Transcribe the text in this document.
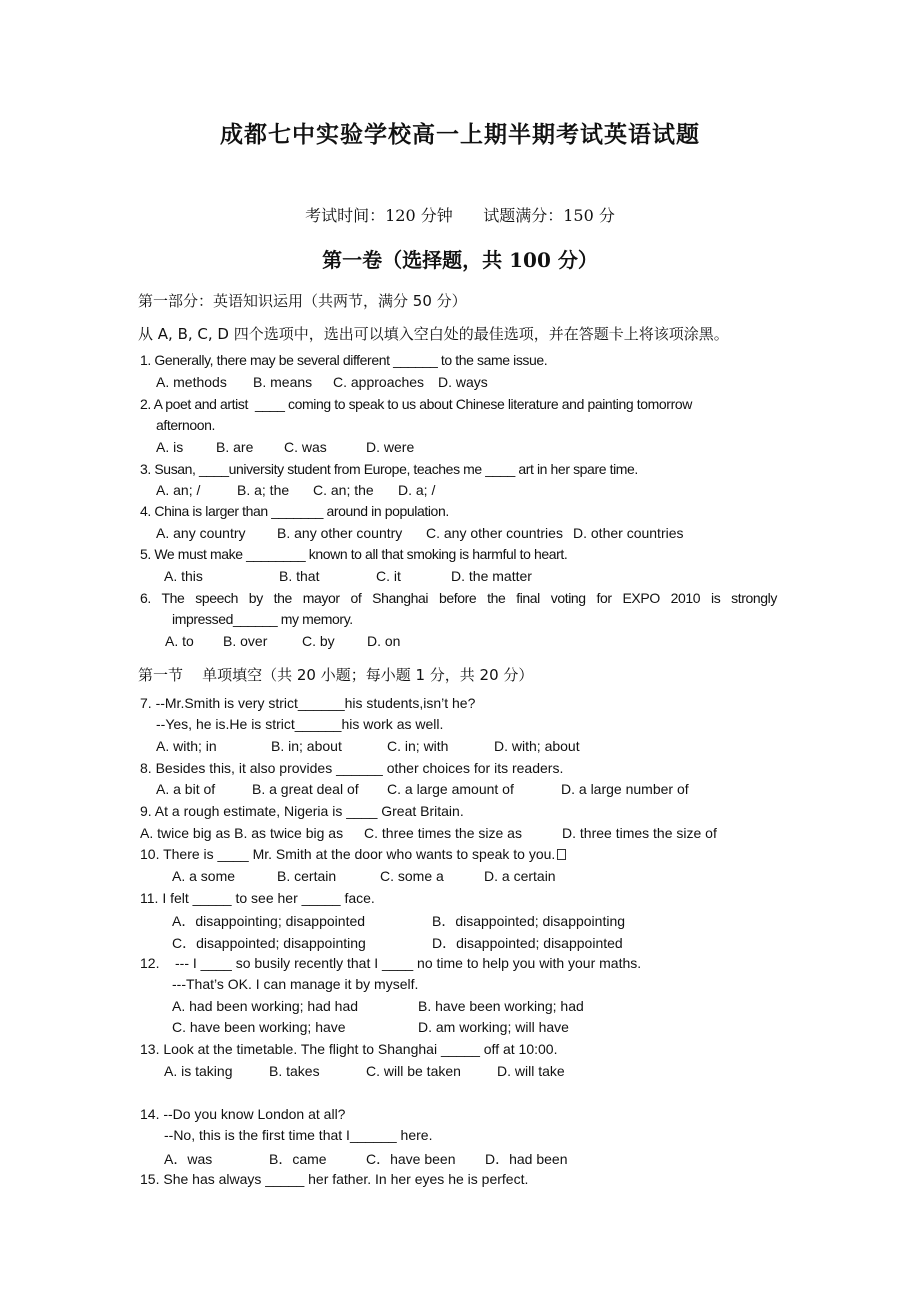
成都七中实验学校高一上期半期考试英语试题
考试时间：120 分钟 试题满分：150 分
第一卷（选择题，共 100 分）
第一部分：英语知识运用（共两节，满分 50 分）
从 A, B, C, D 四个选项中，选出可以填入空白处的最佳选项，并在答题卡上将该项涂黑。
1. Generally, there may be several different ______ to the same issue.
A. methods B. means C. approaches D. ways
2. A poet and artist  ____ coming to speak to us about Chinese literature and painting tomorrow
afternoon.
A. is B. are C. was	D. were
3. Susan, ____university student from Europe, teaches me ____ art in her spare time.
A. an; /	B. a; the C. an; the D. a; /
4. China is larger than _______ around in population.
A. any country B. any other country C. any other countries D. other countries
5. We must make ________ known to all that smoking is harmful to heart.
A. this	B. that	C. it	D. the matter
6. The speech by the mayor of Shanghai before the final voting for EXPO 2010 is strongly
impressed______ my memory.
A. to B. over C. by D. on
第一节    单项填空（共 20 小题；每小题 1 分，共 20 分）
7. --Mr.Smith is very strict______his students,isn’t he?
--Yes, he is.He is strict______his work as well.
A. with; in	B. in; about	C. in; with	D. with; about
8. Besides this, it also provides ______ other choices for its readers.
A. a bit of	B. a great deal of C. a large amount of	D. a large number of
9. At a rough estimate, Nigeria is ____ Great Britain.
A. twice big as B. as twice big as C. three times the size as	D. three times the size of
10. There is ____ Mr. Smith at the door who wants to speak to you.
A. a some	B. certain	C. some a	D. a certain
11. I felt _____ to see her _____ face.
A．disappointing; disappointed	B．disappointed; disappointing
C．disappointed; disappointing	D．disappointed; disappointed
12.    --- I ____ so busily recently that I ____ no time to help you with your maths.
---That’s OK. I can manage it by myself.
A. had been working; had had	B. have been working; had
C. have been working; have	D. am working; will have
13. Look at the timetable. The flight to Shanghai _____ off at 10:00.
A. is taking	B. takes	C. will be taken	D. will take
14. --Do you know London at all?
--No, this is the first time that I______ here.
A．was	B．came	C．have been D．had been
15. She has always _____ her father. In her eyes he is perfect.
